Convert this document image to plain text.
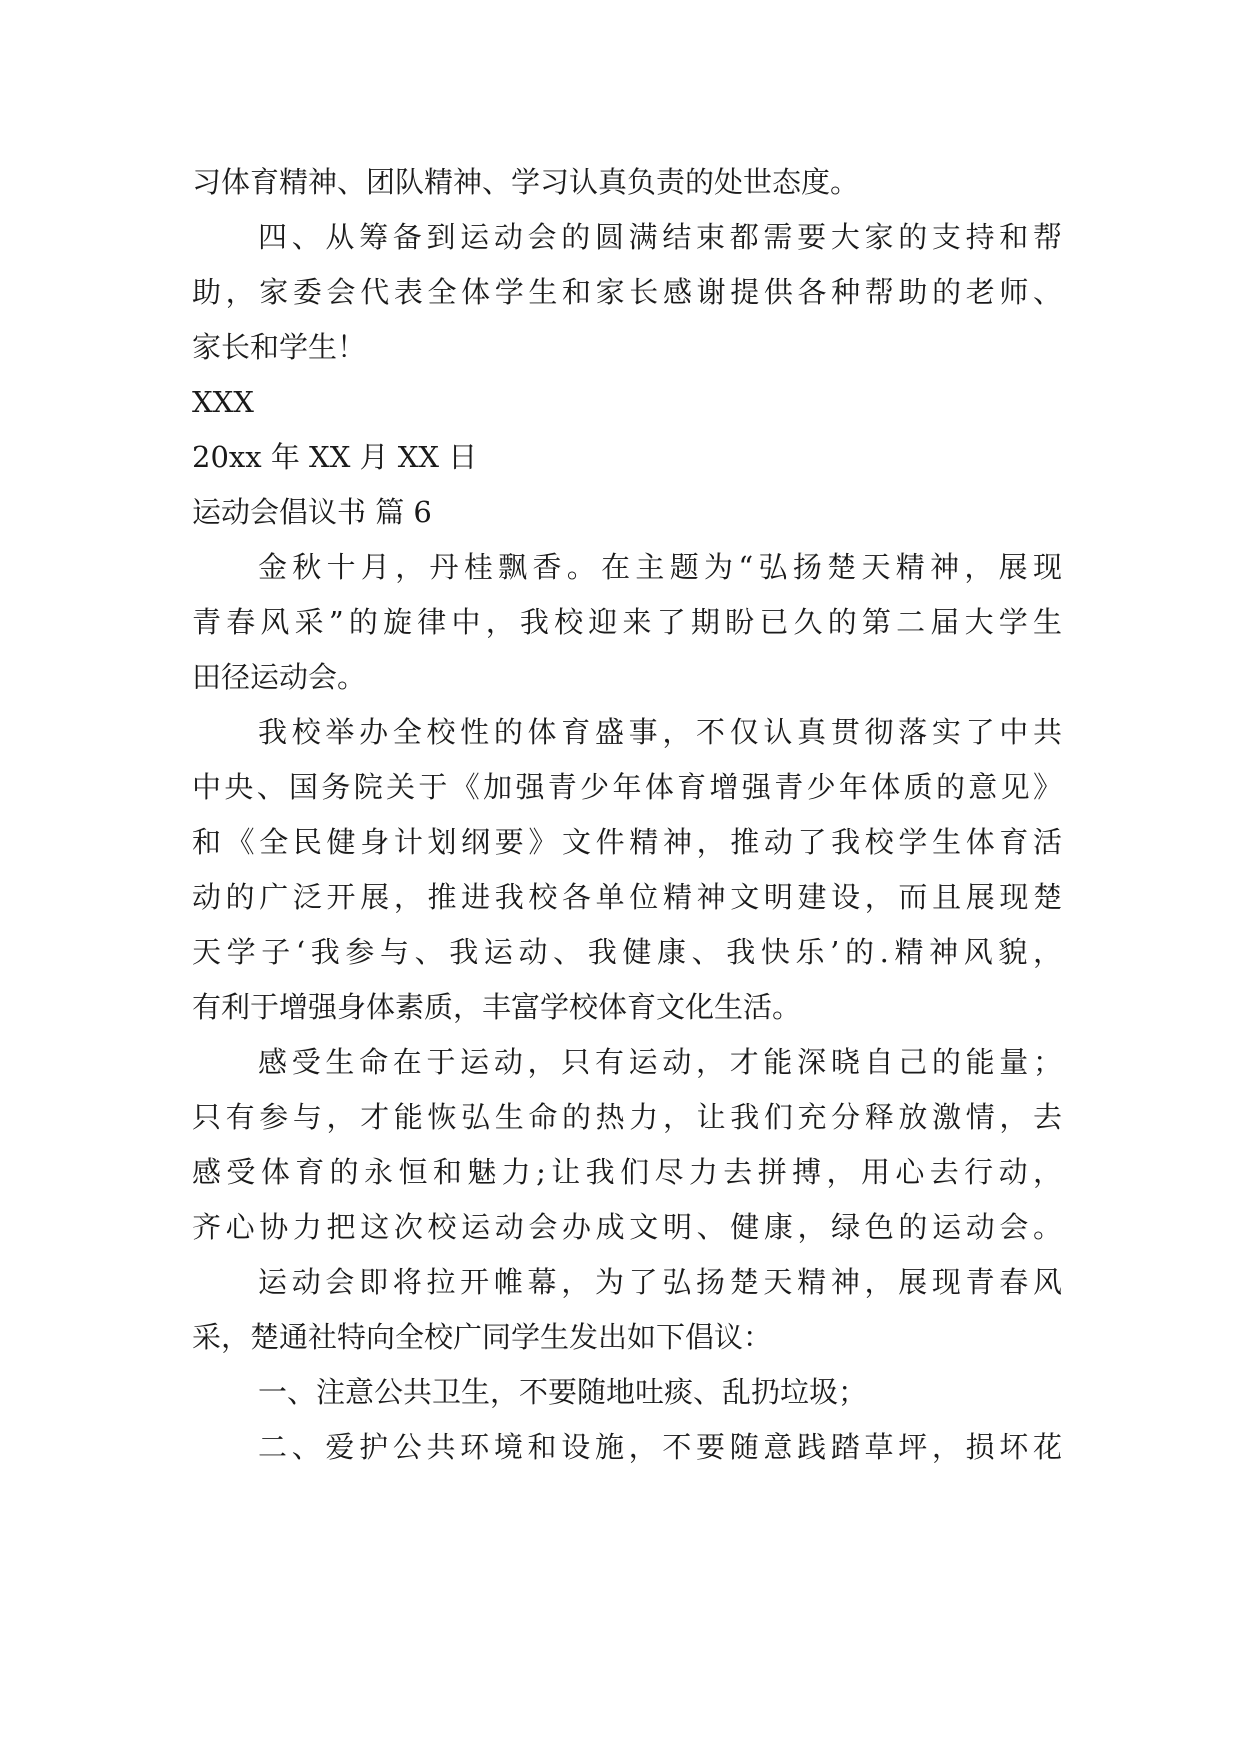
习体育精神、团队精神、学习认真负责的处世态度。
四、从筹备到运动会的圆满结束都需要大家的支持和帮
助，家委会代表全体学生和家长感谢提供各种帮助的老师、
家长和学生！
XXX
20xx 年 XX 月 XX 日
运动会倡议书 篇 6
金秋十月，丹桂飘香。在主题为“弘扬楚天精神，展现
青春风采”的旋律中，我校迎来了期盼已久的第二届大学生
田径运动会。
我校举办全校性的体育盛事，不仅认真贯彻落实了中共
中央、国务院关于《加强青少年体育增强青少年体质的意见》
和《全民健身计划纲要》文件精神，推动了我校学生体育活
动的广泛开展，推进我校各单位精神文明建设，而且展现楚
天学子‘我参与、我运动、我健康、我快乐’的.精神风貌，
有利于增强身体素质，丰富学校体育文化生活。
感受生命在于运动，只有运动，才能深晓自己的能量；
只有参与，才能恢弘生命的热力，让我们充分释放激情，去
感受体育的永恒和魅力;让我们尽力去拼搏，用心去行动，
齐心协力把这次校运动会办成文明、健康，绿色的运动会。
运动会即将拉开帷幕，为了弘扬楚天精神，展现青春风
采，楚通社特向全校广同学生发出如下倡议：
一、注意公共卫生，不要随地吐痰、乱扔垃圾；
二、爱护公共环境和设施，不要随意践踏草坪，损坏花
